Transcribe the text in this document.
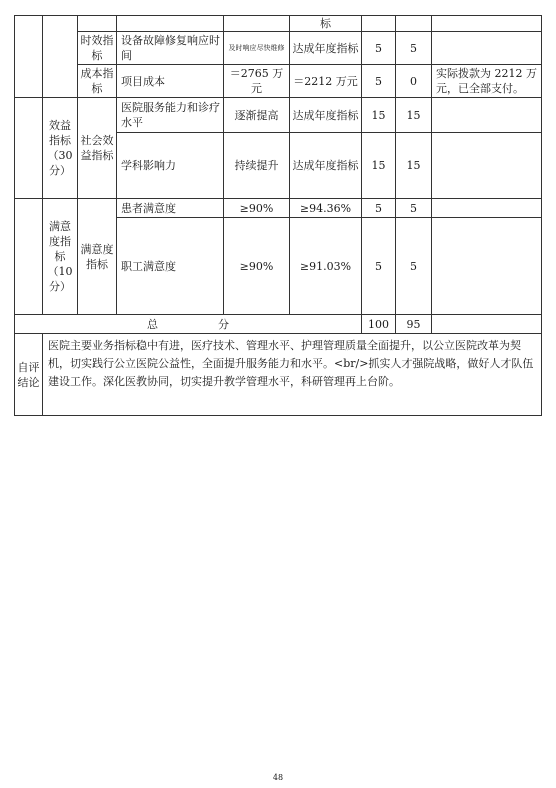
					标			
		时效指标	设备故障修复响应时间	及时响应尽快维修	达成年度指标	5	5	
		成本指标	项目成本	＝2765 万元	＝2212 万元	5	0	实际拨款为 2212 万元，已全部支付。
	效益指标（30分）	社会效益指标	医院服务能力和诊疗水平	逐渐提高	达成年度指标	15	15	
			学科影响力	持续提升	达成年度指标	15	15	
	满意度指标（10分）	满意度指标	患者满意度	≥90%	≥94.36%	5	5	
			职工满意度	≥90%	≥91.03%	5	5	
总 分						100	95	
自评结论	医院主要业务指标稳中有进，医疗技术、管理水平、护理管理质量全面提升，以公立医院改革为契机，切实践行公立医院公益性，全面提升服务能力和水平。<br/>抓实人才强院战略，做好人才队伍建设工作。深化医教协同，切实提升教学管理水平，科研管理再上台阶。							
48
